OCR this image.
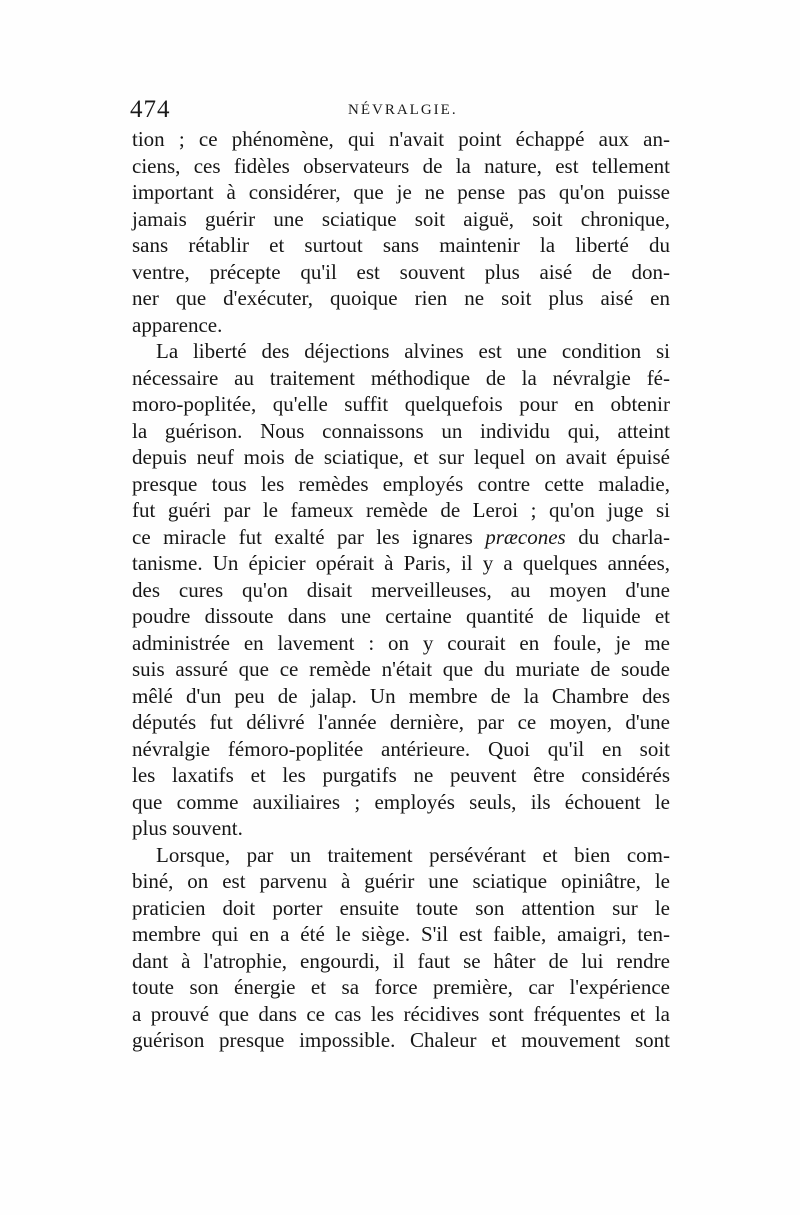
474	NÉVRALGIE.
tion ; ce phénomène, qui n'avait point échappé aux an-
ciens, ces fidèles observateurs de la nature, est tellement
important à considérer, que je ne pense pas qu'on puisse
jamais guérir une sciatique soit aiguë, soit chronique,
sans rétablir et surtout sans maintenir la liberté du
ventre, précepte qu'il est souvent plus aisé de don-
ner que d'exécuter, quoique rien ne soit plus aisé en
apparence.
La liberté des déjections alvines est une condition si
nécessaire au traitement méthodique de la névralgie fé-
moro-poplitée, qu'elle suffit quelquefois pour en obtenir
la guérison. Nous connaissons un individu qui, atteint
depuis neuf mois de sciatique, et sur lequel on avait épuisé
presque tous les remèdes employés contre cette maladie,
fut guéri par le fameux remède de Leroi ; qu'on juge si
ce miracle fut exalté par les ignares præcones du charla-
tanisme. Un épicier opérait à Paris, il y a quelques années,
des cures qu'on disait merveilleuses, au moyen d'une
poudre dissoute dans une certaine quantité de liquide et
administrée en lavement : on y courait en foule, je me
suis assuré que ce remède n'était que du muriate de soude
mêlé d'un peu de jalap. Un membre de la Chambre des
députés fut délivré l'année dernière, par ce moyen, d'une
névralgie fémoro-poplitée antérieure. Quoi qu'il en soit
les laxatifs et les purgatifs ne peuvent être considérés
que comme auxiliaires ; employés seuls, ils échouent le
plus souvent.
Lorsque, par un traitement persévérant et bien com-
biné, on est parvenu à guérir une sciatique opiniâtre, le
praticien doit porter ensuite toute son attention sur le
membre qui en a été le siège. S'il est faible, amaigri, ten-
dant à l'atrophie, engourdi, il faut se hâter de lui rendre
toute son énergie et sa force première, car l'expérience
a prouvé que dans ce cas les récidives sont fréquentes et la
guérison presque impossible. Chaleur et mouvement sont
